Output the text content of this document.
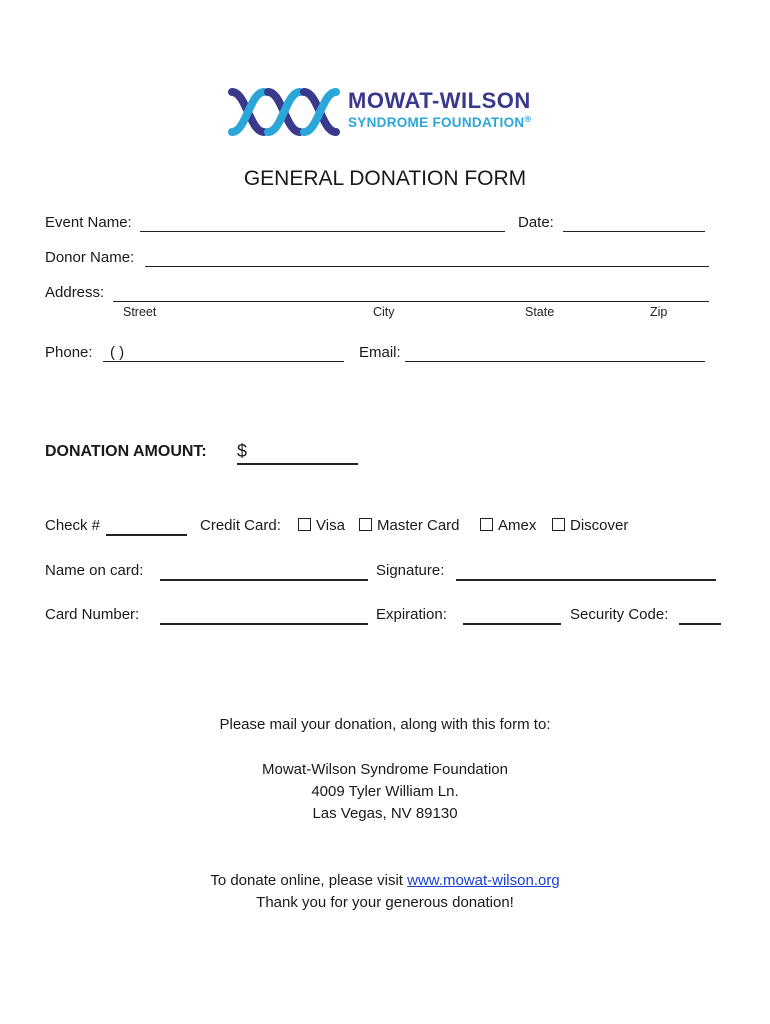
MOWAT-WILSON
SYNDROME FOUNDATION®
GENERAL DONATION FORM
Event Name:	Date:
Donor Name:
Address:
Street	City	State	Zip
Phone: ( )	Email:
DONATION AMOUNT: $
Check #	Credit Card:	Visa	Master Card	Amex	Discover
Name on card:	Signature:
Card Number:	Expiration:	Security Code:
Please mail your donation, along with this form to:
Mowat-Wilson Syndrome Foundation
4009 Tyler William Ln.
Las Vegas, NV 89130
To donate online, please visit www.mowat-wilson.org
Thank you for your generous donation!
